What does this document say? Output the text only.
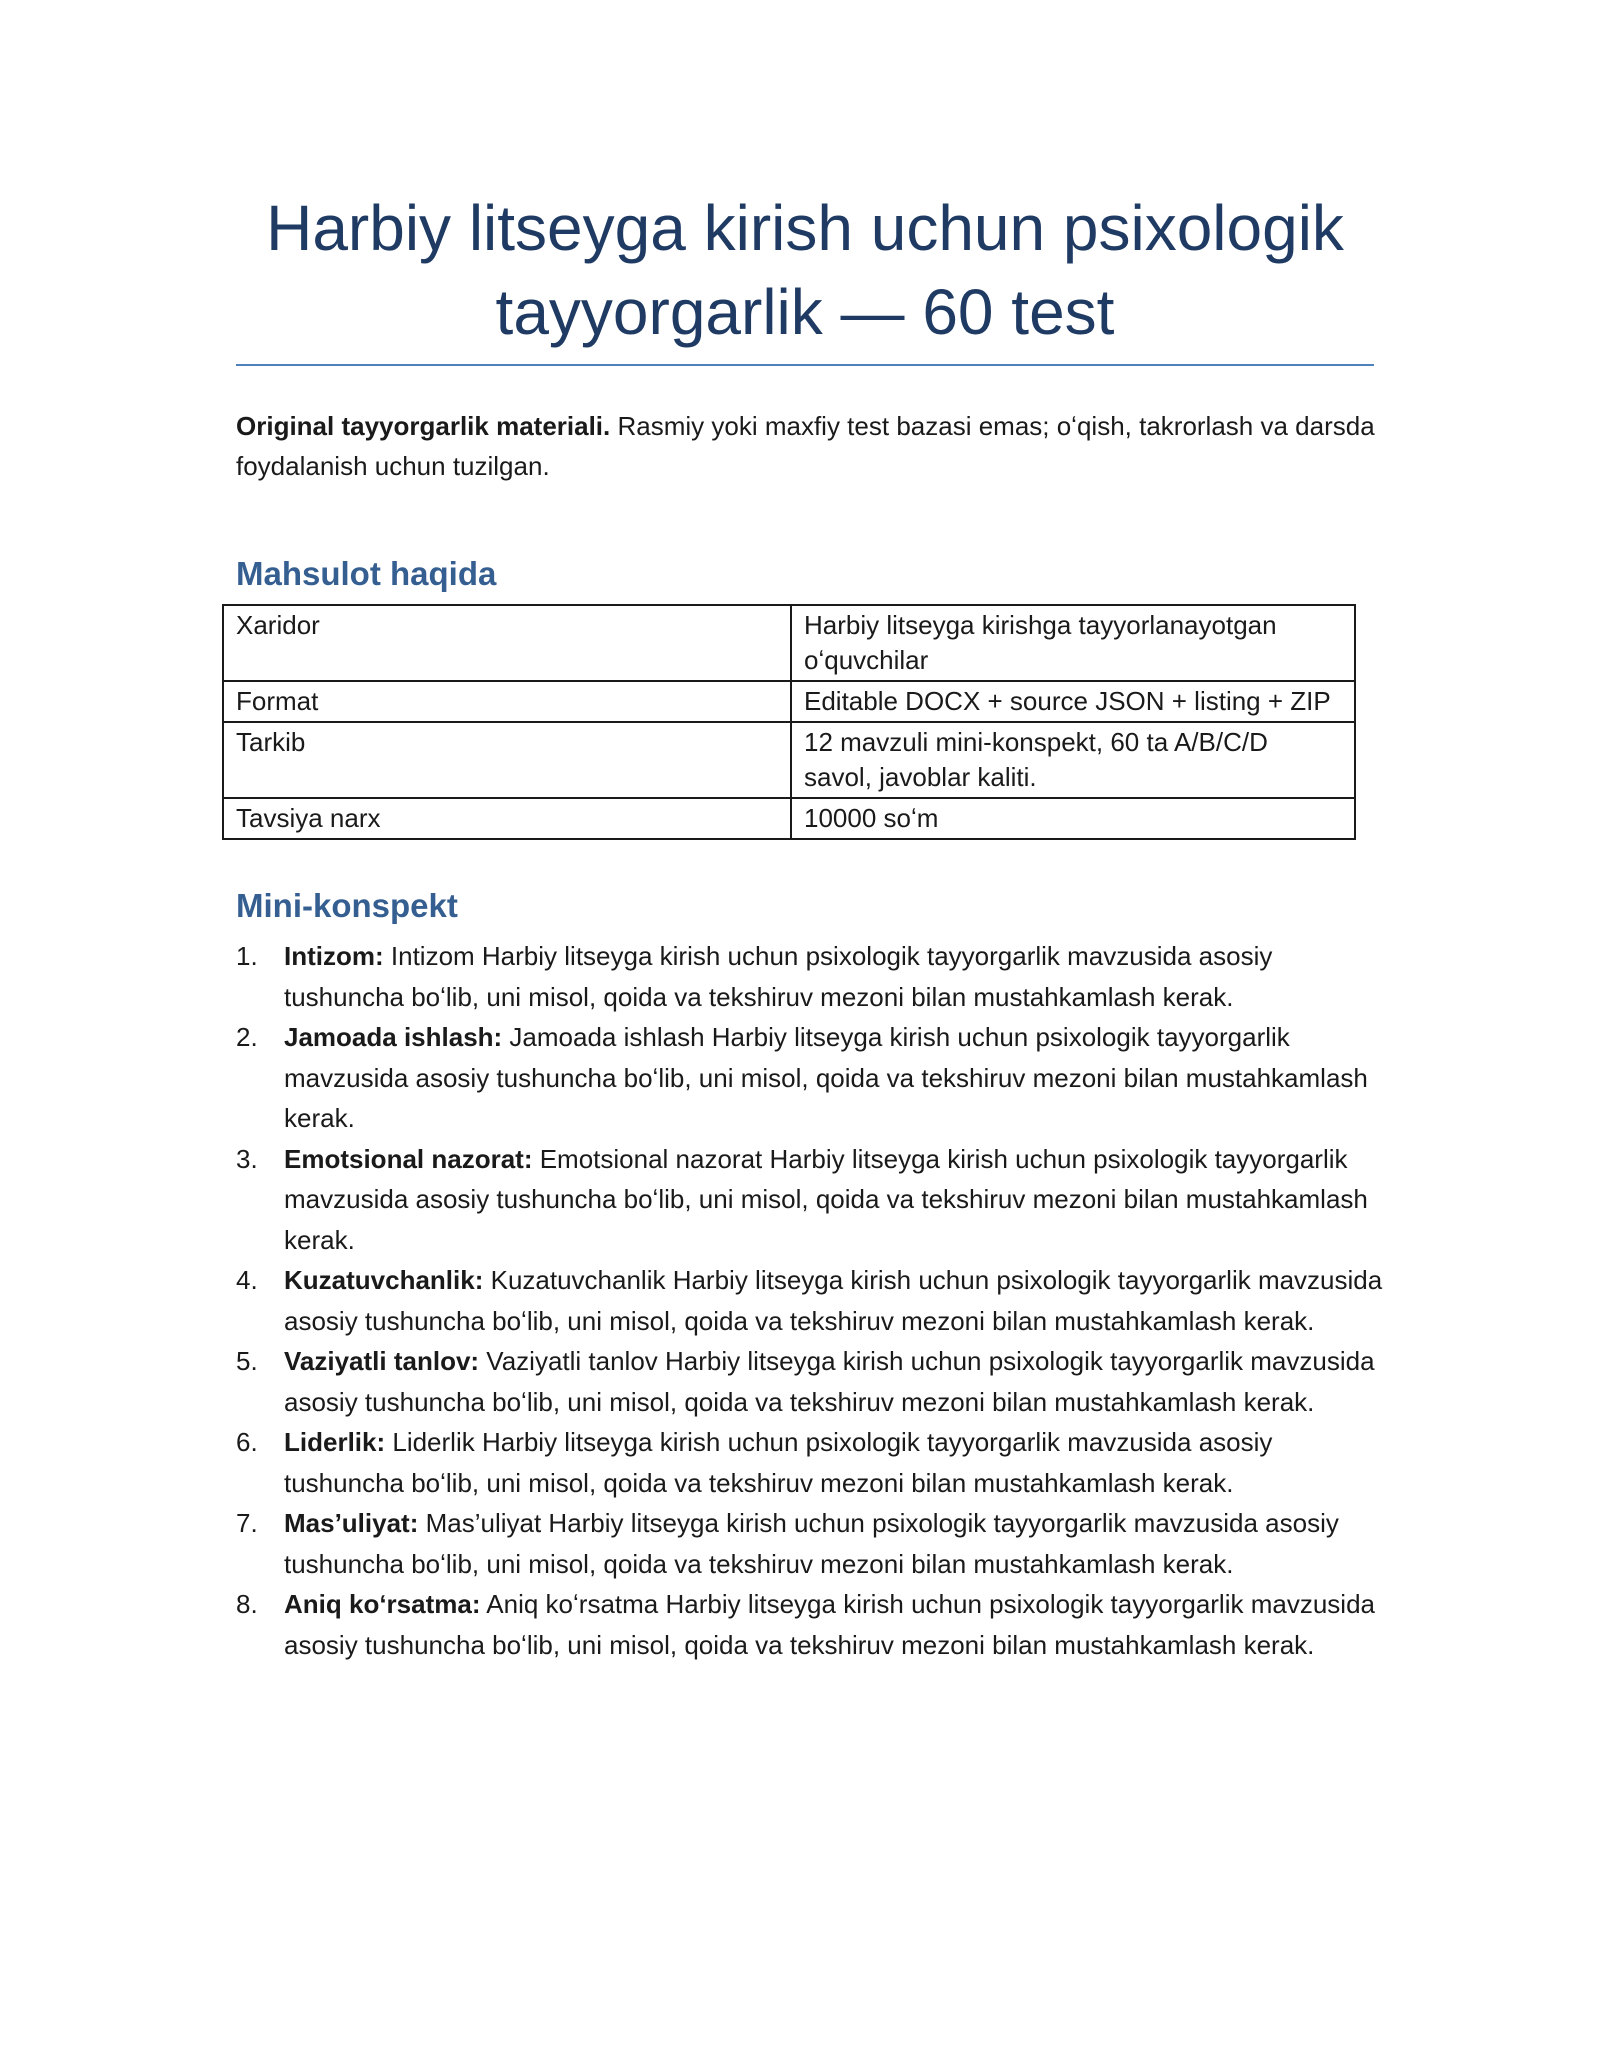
Harbiy litseyga kirish uchun psixologik tayyorgarlik — 60 test

Original tayyorgarlik materiali. Rasmiy yoki maxfiy test bazasi emas; oʻqish, takrorlash va darsda foydalanish uchun tuzilgan.

Mahsulot haqida
Xaridor	Harbiy litseyga kirishga tayyorlanayotgan oʻquvchilar
Format	Editable DOCX + source JSON + listing + ZIP
Tarkib	12 mavzuli mini-konspekt, 60 ta A/B/C/D savol, javoblar kaliti.
Tavsiya narx	10000 soʻm
Mini-konspekt
1. Intizom: Intizom Harbiy litseyga kirish uchun psixologik tayyorgarlik mavzusida asosiy tushuncha boʻlib, uni misol, qoida va tekshiruv mezoni bilan mustahkamlash kerak.
2. Jamoada ishlash: Jamoada ishlash Harbiy litseyga kirish uchun psixologik tayyorgarlik mavzusida asosiy tushuncha boʻlib, uni misol, qoida va tekshiruv mezoni bilan mustahkamlash kerak.
3. Emotsional nazorat: Emotsional nazorat Harbiy litseyga kirish uchun psixologik tayyorgarlik mavzusida asosiy tushuncha boʻlib, uni misol, qoida va tekshiruv mezoni bilan mustahkamlash kerak.
4. Kuzatuvchanlik: Kuzatuvchanlik Harbiy litseyga kirish uchun psixologik tayyorgarlik mavzusida asosiy tushuncha boʻlib, uni misol, qoida va tekshiruv mezoni bilan mustahkamlash kerak.
5. Vaziyatli tanlov: Vaziyatli tanlov Harbiy litseyga kirish uchun psixologik tayyorgarlik mavzusida asosiy tushuncha boʻlib, uni misol, qoida va tekshiruv mezoni bilan mustahkamlash kerak.
6. Liderlik: Liderlik Harbiy litseyga kirish uchun psixologik tayyorgarlik mavzusida asosiy tushuncha boʻlib, uni misol, qoida va tekshiruv mezoni bilan mustahkamlash kerak.
7. Mas’uliyat: Mas’uliyat Harbiy litseyga kirish uchun psixologik tayyorgarlik mavzusida asosiy tushuncha boʻlib, uni misol, qoida va tekshiruv mezoni bilan mustahkamlash kerak.
8. Aniq koʻrsatma: Aniq koʻrsatma Harbiy litseyga kirish uchun psixologik tayyorgarlik mavzusida asosiy tushuncha boʻlib, uni misol, qoida va tekshiruv mezoni bilan mustahkamlash kerak.
